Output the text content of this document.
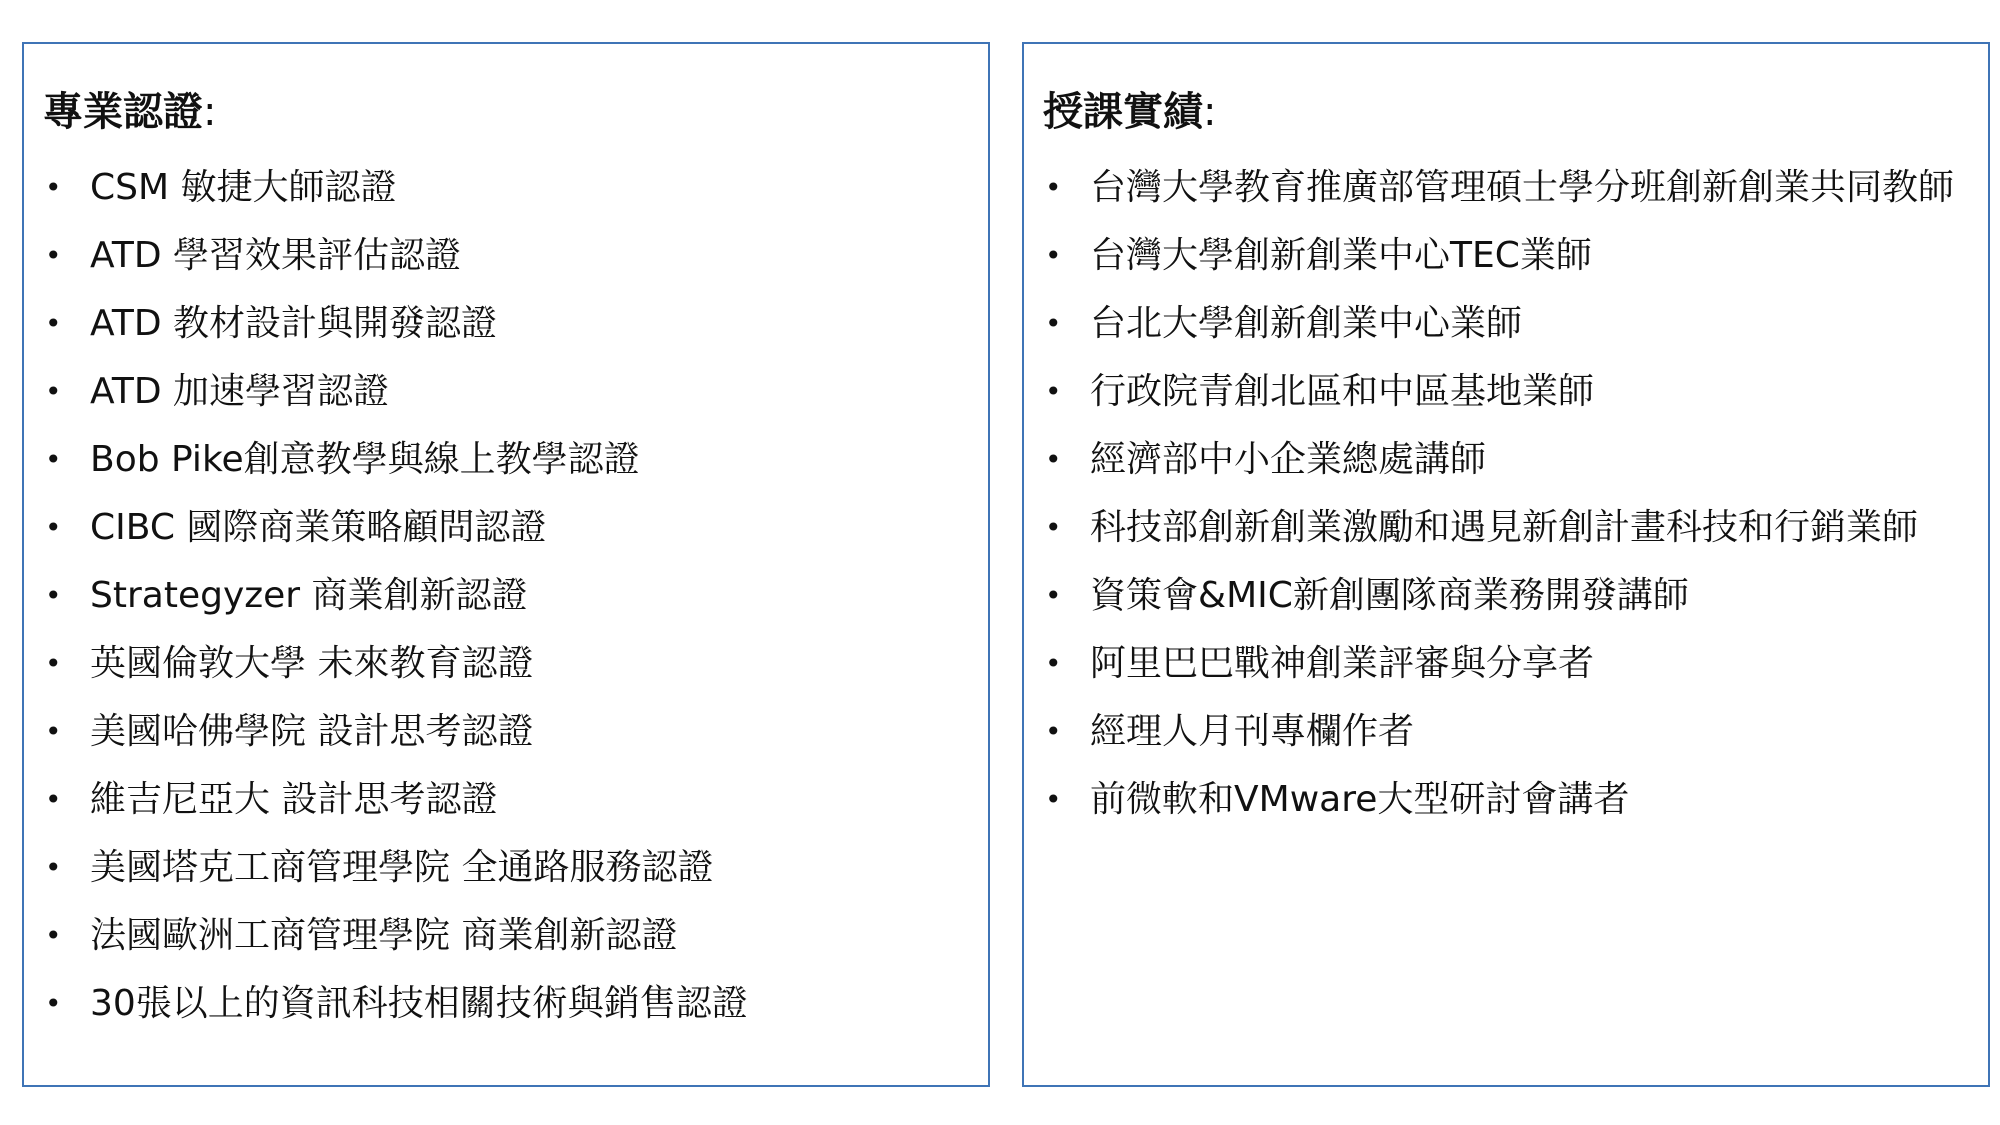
專業認證:
• CSM 敏捷大師認證
• ATD 學習效果評估認證
• ATD 教材設計與開發認證
• ATD 加速學習認證
• Bob Pike創意教學與線上教學認證
• CIBC 國際商業策略顧問認證
• Strategyzer 商業創新認證
• 英國倫敦大學 未來教育認證
• 美國哈佛學院 設計思考認證
• 維吉尼亞大 設計思考認證
• 美國塔克工商管理學院 全通路服務認證
• 法國歐洲工商管理學院 商業創新認證
• 30張以上的資訊科技相關技術與銷售認證
授課實績:
• 台灣大學教育推廣部管理碩士學分班創新創業共同教師
• 台灣大學創新創業中心TEC業師
• 台北大學創新創業中心業師
• 行政院青創北區和中區基地業師
• 經濟部中小企業總處講師
• 科技部創新創業激勵和遇見新創計畫科技和行銷業師
• 資策會&MIC新創團隊商業務開發講師
• 阿里巴巴戰神創業評審與分享者
• 經理人月刊專欄作者
• 前微軟和VMware大型研討會講者
